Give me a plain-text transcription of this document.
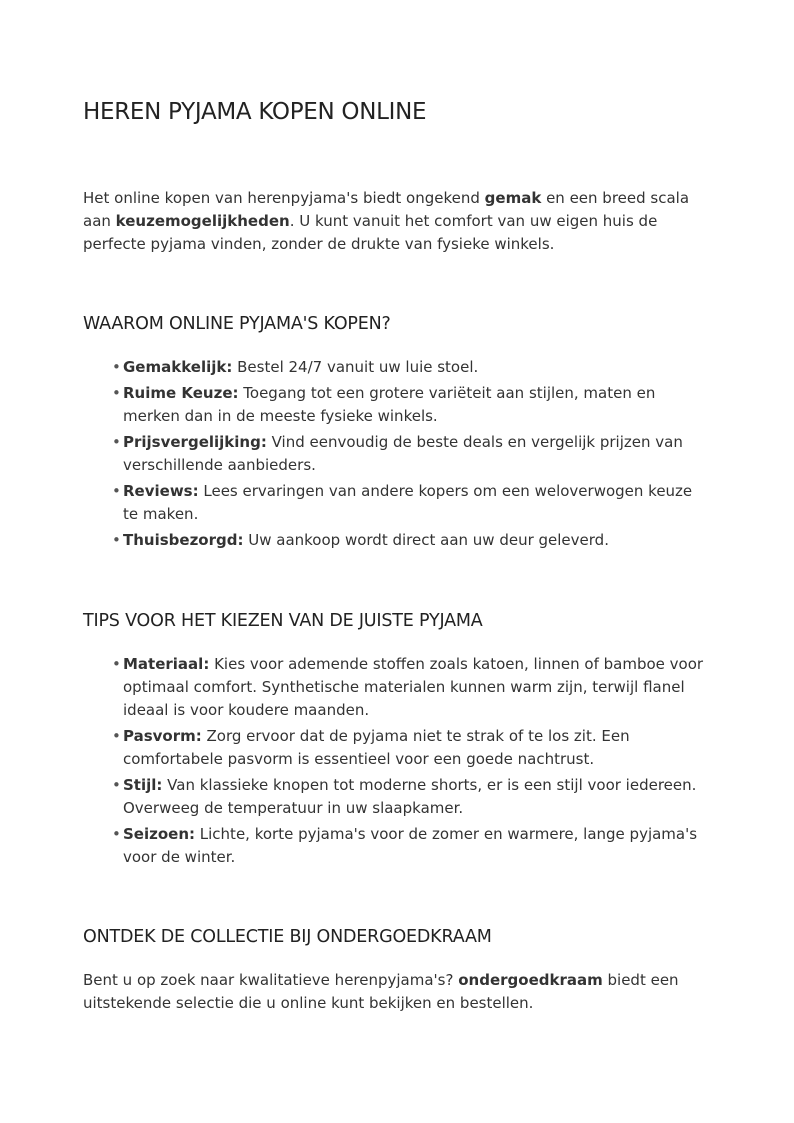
HEREN PYJAMA KOPEN ONLINE

Het online kopen van herenpyjama's biedt ongekend gemak en een breed scala aan keuzemogelijkheden. U kunt vanuit het comfort van uw eigen huis de perfecte pyjama vinden, zonder de drukte van fysieke winkels.

WAAROM ONLINE PYJAMA'S KOPEN?
• Gemakkelijk: Bestel 24/7 vanuit uw luie stoel.
• Ruime Keuze: Toegang tot een grotere variëteit aan stijlen, maten en merken dan in de meeste fysieke winkels.
• Prijsvergelijking: Vind eenvoudig de beste deals en vergelijk prijzen van verschillende aanbieders.
• Reviews: Lees ervaringen van andere kopers om een weloverwogen keuze te maken.
• Thuisbezorgd: Uw aankoop wordt direct aan uw deur geleverd.
TIPS VOOR HET KIEZEN VAN DE JUISTE PYJAMA
• Materiaal: Kies voor ademende stoffen zoals katoen, linnen of bamboe voor optimaal comfort. Synthetische materialen kunnen warm zijn, terwijl flanel ideaal is voor koudere maanden.
• Pasvorm: Zorg ervoor dat de pyjama niet te strak of te los zit. Een comfortabele pasvorm is essentieel voor een goede nachtrust.
• Stijl: Van klassieke knopen tot moderne shorts, er is een stijl voor iedereen. Overweeg de temperatuur in uw slaapkamer.
• Seizoen: Lichte, korte pyjama's voor de zomer en warmere, lange pyjama's voor de winter.
ONTDEK DE COLLECTIE BIJ ONDERGOEDKRAAM

Bent u op zoek naar kwalitatieve herenpyjama's? ondergoedkraam biedt een uitstekende selectie die u online kunt bekijken en bestellen.
